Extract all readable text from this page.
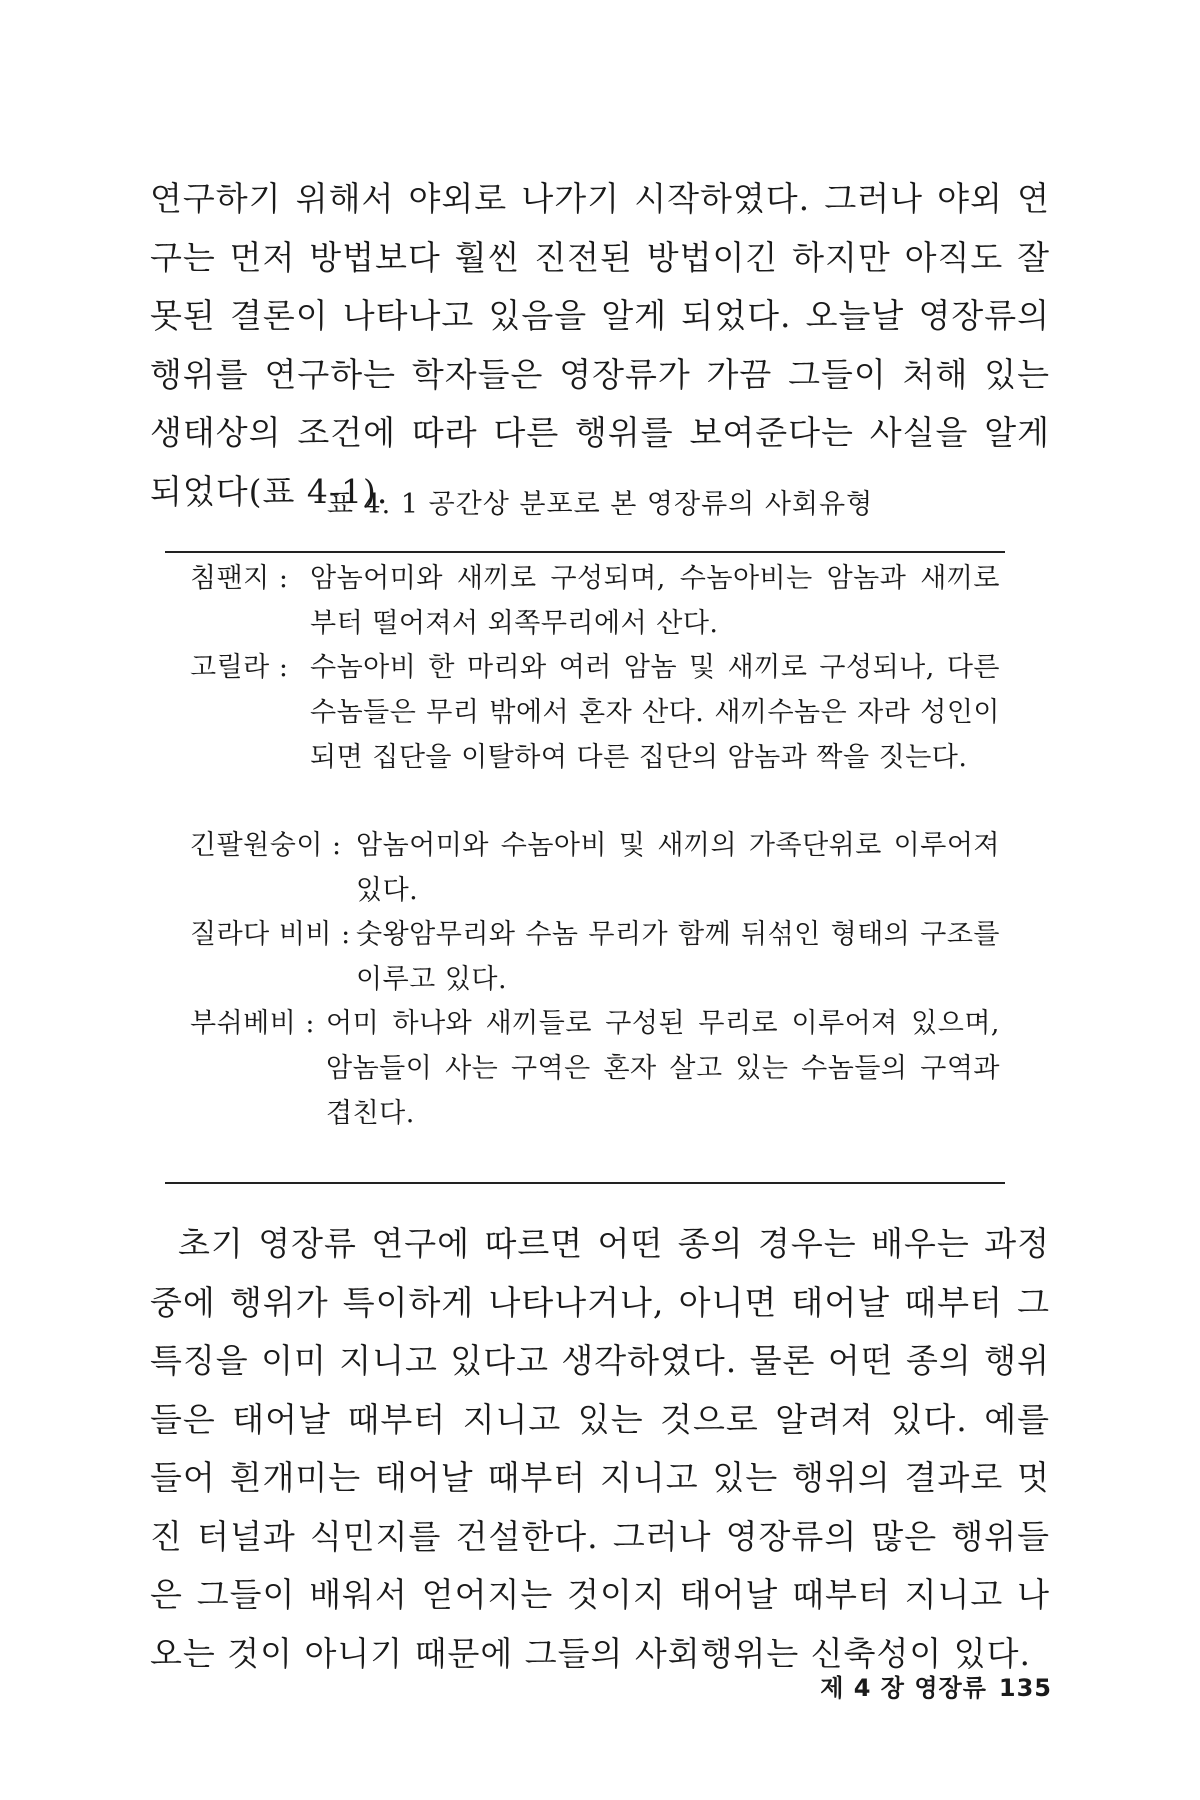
연구하기 위해서 야외로 나가기 시작하였다. 그러나 야외 연구는 먼저 방법보다 훨씬 진전된 방법이긴 하지만 아직도 잘못된 결론이 나타나고 있음을 알게 되었다. 오늘날 영장류의 행위를 연구하는 학자들은 영장류가 가끔 그들이 처해 있는 생태상의 조건에 따라 다른 행위를 보여준다는 사실을 알게 되었다(표 4-1).

표 4. 1 공간상 분포로 본 영장류의 사회유형
침팬지 : 암놈어미와 새끼로 구성되며, 수놈아비는 암놈과 새끼로부터 떨어져서 외쪽무리에서 산다.
고릴라 : 수놈아비 한 마리와 여러 암놈 및 새끼로 구성되나, 다른 수놈들은 무리 밖에서 혼자 산다. 새끼수놈은 자라 성인이 되면 집단을 이탈하여 다른 집단의 암놈과 짝을 짓는다.
긴팔원숭이 : 암놈어미와 수놈아비 및 새끼의 가족단위로 이루어져 있다.
질라다 비비 : 숫왕암무리와 수놈 무리가 함께 뒤섞인 형태의 구조를 이루고 있다.
부쉬베비 : 어미 하나와 새끼들로 구성된 무리로 이루어져 있으며, 암놈들이 사는 구역은 혼자 살고 있는 수놈들의 구역과 겹친다.

초기 영장류 연구에 따르면 어떤 종의 경우는 배우는 과정 중에 행위가 특이하게 나타나거나, 아니면 태어날 때부터 그 특징을 이미 지니고 있다고 생각하였다. 물론 어떤 종의 행위들은 태어날 때부터 지니고 있는 것으로 알려져 있다. 예를 들어 흰개미는 태어날 때부터 지니고 있는 행위의 결과로 멋진 터널과 식민지를 건설한다. 그러나 영장류의 많은 행위들은 그들이 배워서 얻어지는 것이지 태어날 때부터 지니고 나오는 것이 아니기 때문에 그들의 사회행위는 신축성이 있다.

제 4 장 영장류 135
